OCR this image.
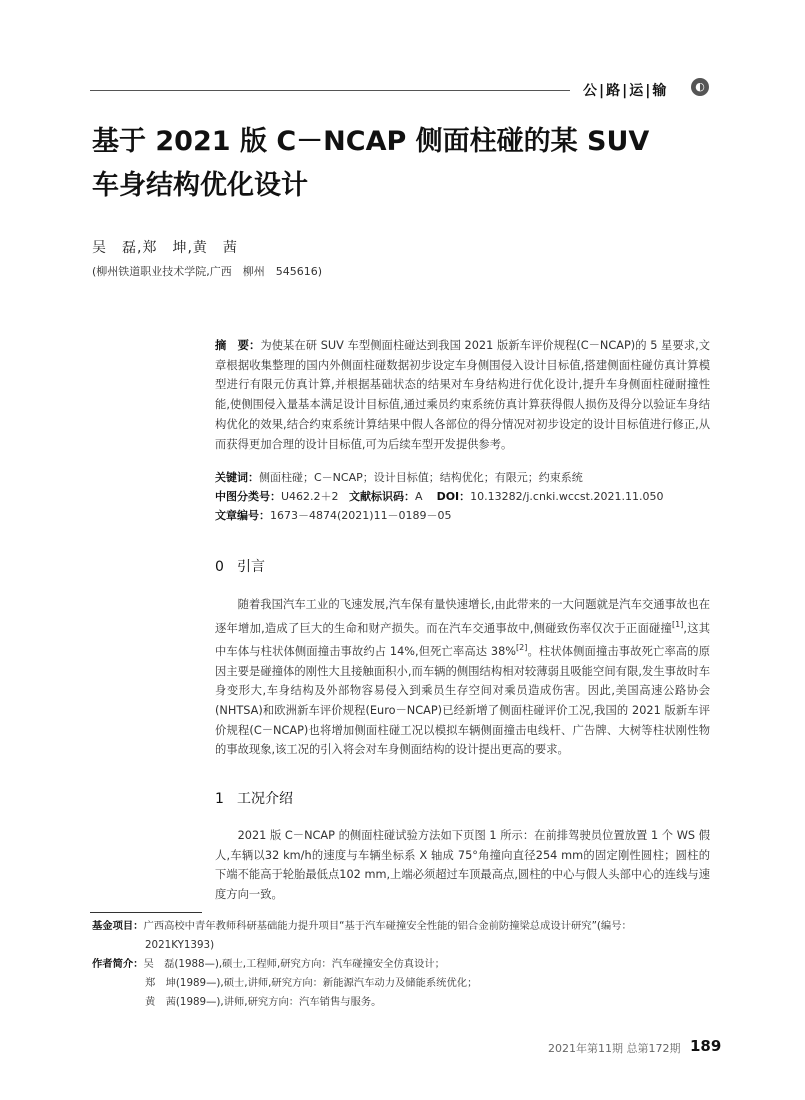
公|路|运|输	◐
基于 2021 版 C－NCAP 侧面柱碰的某 SUV
车身结构优化设计
吴　磊,郑　坤,黄　茜
(柳州铁道职业技术学院,广西　柳州　545616)
摘　要：为使某在研 SUV 车型侧面柱碰达到我国 2021 版新车评价规程(C－NCAP)的 5 星要求,文章根据收集整理的国内外侧面柱碰数据初步设定车身侧围侵入设计目标值,搭建侧面柱碰仿真计算模型进行有限元仿真计算,并根据基础状态的结果对车身结构进行优化设计,提升车身侧面柱碰耐撞性能,使侧围侵入量基本满足设计目标值,通过乘员约束系统仿真计算获得假人损伤及得分以验证车身结构优化的效果,结合约束系统计算结果中假人各部位的得分情况对初步设定的设计目标值进行修正,从而获得更加合理的设计目标值,可为后续车型开发提供参考。
关键词：侧面柱碰；C－NCAP；设计目标值；结构优化；有限元；约束系统
中图分类号：U462.2＋2 文献标识码：A DOI：10.13282/j.cnki.wccst.2021.11.050
文章编号：1673－4874(2021)11－0189－05
0 引言
随着我国汽车工业的飞速发展,汽车保有量快速增长,由此带来的一大问题就是汽车交通事故也在逐年增加,造成了巨大的生命和财产损失。而在汽车交通事故中,侧碰致伤率仅次于正面碰撞[1],这其中车体与柱状体侧面撞击事故约占 14%,但死亡率高达 38%[2]。柱状体侧面撞击事故死亡率高的原因主要是碰撞体的刚性大且接触面积小,而车辆的侧围结构相对较薄弱且吸能空间有限,发生事故时车身变形大,车身结构及外部物容易侵入到乘员生存空间对乘员造成伤害。因此,美国高速公路协会(NHTSA)和欧洲新车评价规程(Euro－NCAP)已经新增了侧面柱碰评价工况,我国的 2021 版新车评价规程(C－NCAP)也将增加侧面柱碰工况以模拟车辆侧面撞击电线杆、广告牌、大树等柱状刚性物的事故现象,该工况的引入将会对车身侧面结构的设计提出更高的要求。
1 工况介绍
2021 版 C－NCAP 的侧面柱碰试验方法如下页图 1 所示：在前排驾驶员位置放置 1 个 WS 假人,车辆以32 km/h的速度与车辆坐标系 X 轴成 75°角撞向直径254 mm的固定刚性圆柱；圆柱的下端不能高于轮胎最低点102 mm,上端必须超过车顶最高点,圆柱的中心与假人头部中心的连线与速度方向一致。
基金项目：广西高校中青年教师科研基础能力提升项目“基于汽车碰撞安全性能的铝合金前防撞梁总成设计研究”(编号：
2021KY1393)
作者简介：吴　磊(1988—),硕士,工程师,研究方向：汽车碰撞安全仿真设计；
郑　坤(1989—),硕士,讲师,研究方向：新能源汽车动力及储能系统优化；
黄　茜(1989—),讲师,研究方向：汽车销售与服务。
2021年第11期 总第172期 189
